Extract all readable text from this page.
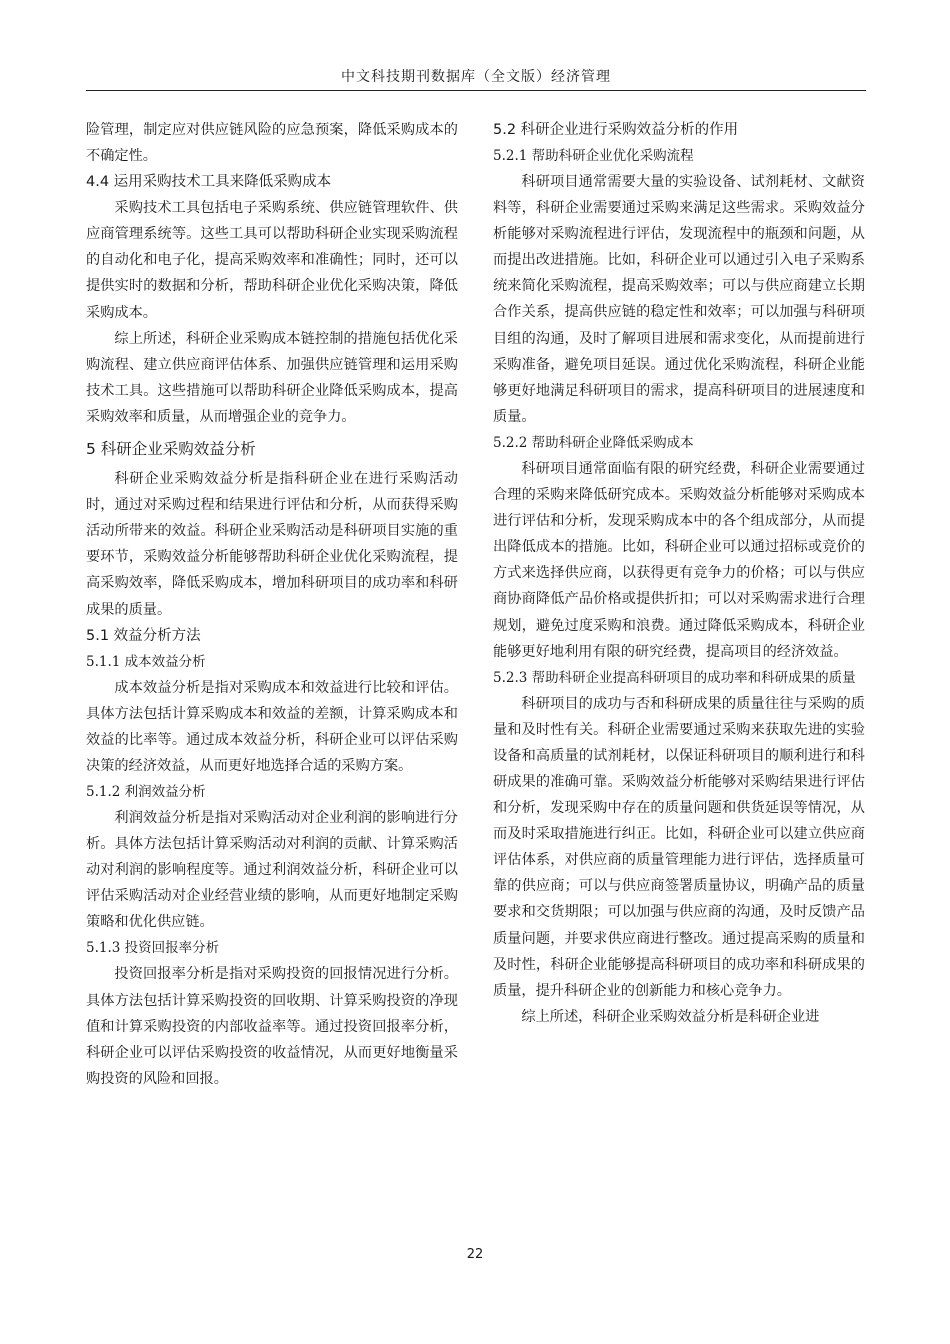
中文科技期刊数据库（全文版）经济管理

险管理，制定应对供应链风险的应急预案，降低采购成本的不确定性。

4.4 运用采购技术工具来降低采购成本

采购技术工具包括电子采购系统、供应链管理软件、供应商管理系统等。这些工具可以帮助科研企业实现采购流程的自动化和电子化，提高采购效率和准确性；同时，还可以提供实时的数据和分析，帮助科研企业优化采购决策，降低采购成本。

综上所述，科研企业采购成本链控制的措施包括优化采购流程、建立供应商评估体系、加强供应链管理和运用采购技术工具。这些措施可以帮助科研企业降低采购成本，提高采购效率和质量，从而增强企业的竞争力。

5 科研企业采购效益分析

科研企业采购效益分析是指科研企业在进行采购活动时，通过对采购过程和结果进行评估和分析，从而获得采购活动所带来的效益。科研企业采购活动是科研项目实施的重要环节，采购效益分析能够帮助科研企业优化采购流程，提高采购效率，降低采购成本，增加科研项目的成功率和科研成果的质量。

5.1 效益分析方法
5.1.1 成本效益分析

成本效益分析是指对采购成本和效益进行比较和评估。具体方法包括计算采购成本和效益的差额，计算采购成本和效益的比率等。通过成本效益分析，科研企业可以评估采购决策的经济效益，从而更好地选择合适的采购方案。

5.1.2 利润效益分析

利润效益分析是指对采购活动对企业利润的影响进行分析。具体方法包括计算采购活动对利润的贡献、计算采购活动对利润的影响程度等。通过利润效益分析，科研企业可以评估采购活动对企业经营业绩的影响，从而更好地制定采购策略和优化供应链。

5.1.3 投资回报率分析

投资回报率分析是指对采购投资的回报情况进行分析。具体方法包括计算采购投资的回收期、计算采购投资的净现值和计算采购投资的内部收益率等。通过投资回报率分析，科研企业可以评估采购投资的收益情况，从而更好地衡量采购投资的风险和回报。

5.2 科研企业进行采购效益分析的作用
5.2.1 帮助科研企业优化采购流程

科研项目通常需要大量的实验设备、试剂耗材、文献资料等，科研企业需要通过采购来满足这些需求。采购效益分析能够对采购流程进行评估，发现流程中的瓶颈和问题，从而提出改进措施。比如，科研企业可以通过引入电子采购系统来简化采购流程，提高采购效率；可以与供应商建立长期合作关系，提高供应链的稳定性和效率；可以加强与科研项目组的沟通，及时了解项目进展和需求变化，从而提前进行采购准备，避免项目延误。通过优化采购流程，科研企业能够更好地满足科研项目的需求，提高科研项目的进展速度和质量。

5.2.2 帮助科研企业降低采购成本

科研项目通常面临有限的研究经费，科研企业需要通过合理的采购来降低研究成本。采购效益分析能够对采购成本进行评估和分析，发现采购成本中的各个组成部分，从而提出降低成本的措施。比如，科研企业可以通过招标或竞价的方式来选择供应商，以获得更有竞争力的价格；可以与供应商协商降低产品价格或提供折扣；可以对采购需求进行合理规划，避免过度采购和浪费。通过降低采购成本，科研企业能够更好地利用有限的研究经费，提高项目的经济效益。

5.2.3 帮助科研企业提高科研项目的成功率和科研成果的质量

科研项目的成功与否和科研成果的质量往往与采购的质量和及时性有关。科研企业需要通过采购来获取先进的实验设备和高质量的试剂耗材，以保证科研项目的顺利进行和科研成果的准确可靠。采购效益分析能够对采购结果进行评估和分析，发现采购中存在的质量问题和供货延误等情况，从而及时采取措施进行纠正。比如，科研企业可以建立供应商评估体系，对供应商的质量管理能力进行评估，选择质量可靠的供应商；可以与供应商签署质量协议，明确产品的质量要求和交货期限；可以加强与供应商的沟通，及时反馈产品质量问题，并要求供应商进行整改。通过提高采购的质量和及时性，科研企业能够提高科研项目的成功率和科研成果的质量，提升科研企业的创新能力和核心竞争力。

综上所述，科研企业采购效益分析是科研企业进

22
